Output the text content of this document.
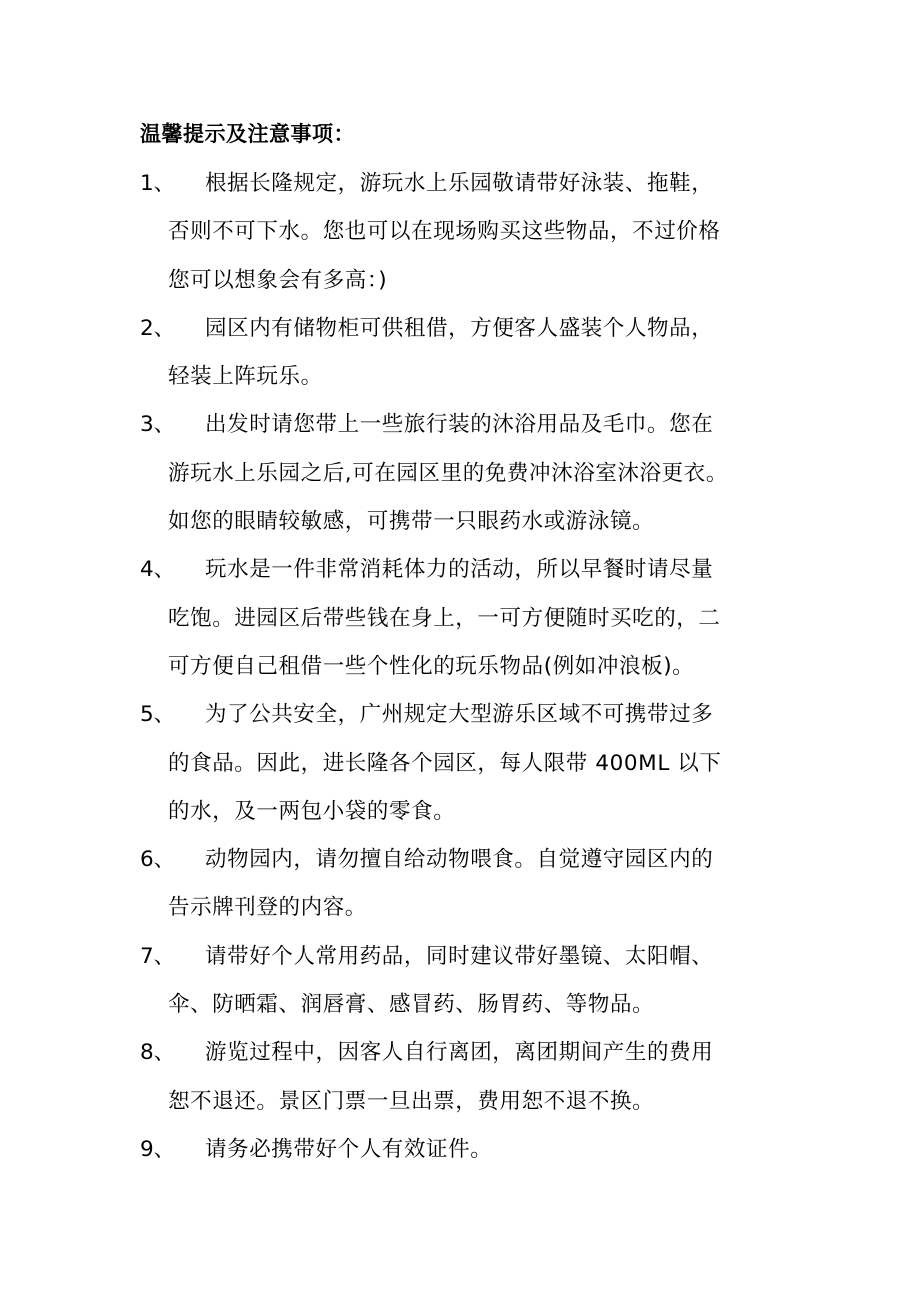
温馨提示及注意事项：
1、	根据长隆规定，游玩水上乐园敬请带好泳装、拖鞋，
否则不可下水。您也可以在现场购买这些物品，不过价格
您可以想象会有多高：)
2、	园区内有储物柜可供租借，方便客人盛装个人物品，
轻装上阵玩乐。
3、	出发时请您带上一些旅行装的沐浴用品及毛巾。您在
游玩水上乐园之后,可在园区里的免费冲沐浴室沐浴更衣。
如您的眼睛较敏感，可携带一只眼药水或游泳镜。
4、	玩水是一件非常消耗体力的活动，所以早餐时请尽量
吃饱。进园区后带些钱在身上，一可方便随时买吃的，二
可方便自己租借一些个性化的玩乐物品(例如冲浪板)。
5、	为了公共安全，广州规定大型游乐区域不可携带过多
的食品。因此，进长隆各个园区，每人限带 400ML 以下
的水，及一两包小袋的零食。
6、	动物园内，请勿擅自给动物喂食。自觉遵守园区内的
告示牌刊登的内容。
7、	请带好个人常用药品，同时建议带好墨镜、太阳帽、
伞、防晒霜、润唇膏、感冒药、肠胃药、等物品。
8、	游览过程中，因客人自行离团，离团期间产生的费用
恕不退还。景区门票一旦出票，费用恕不退不换。
9、	请务必携带好个人有效证件。
